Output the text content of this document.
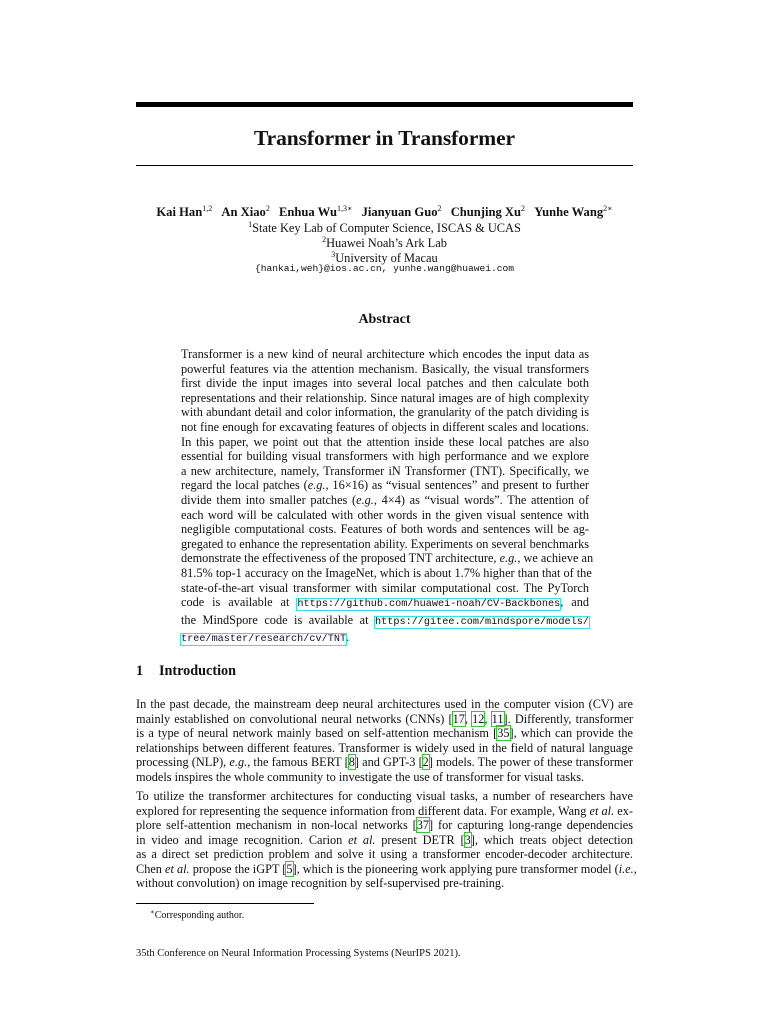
Transformer in Transformer
Kai Han$^{1,2}$ An Xiao$^2$ Enhua $Wu^{1,3∗}$ Jianyuan Guo$^2$ Chunjing Xu$^2$ Yunhe Wang$^{2∗}$
$^1$State Key Lab of Computer Science, ISCAS & UCAS
$^2$Huawei Noah’s Ark Lab
$^3$University of Macau
{hankai,weh}@ios.ac.cn, yunhe.wang@huawei.com
Abstract
Transformer is a new kind of neural architecture which encodes the input data as
powerful features via the attention mechanism. Basically, the visual transformers
first divide the input images into several local patches and then calculate both
representations and their relationship. Since natural images are of high complexity
with abundant detail and color information, the granularity of the patch dividing is
not fine enough for excavating features of objects in different scales and locations.
In this paper, we point out that the attention inside these local patches are also
essential for building visual transformers with high performance and we explore
a new architecture, namely, Transformer iN Transformer (TNT). Specifically, we
regard the local patches (e.g., 16×16) as “visual sentences” and present to further
divide them into smaller patches (e.g., 4×4) as “visual words”. The attention of
each word will be calculated with other words in the given visual sentence with
negligible computational costs. Features of both words and sentences will be ag-
gregated to enhance the representation ability. Experiments on several benchmarks
demonstrate the effectiveness of the proposed TNT architecture, e.g., we achieve an
81.5% top-1 accuracy on the ImageNet, which is about 1.7% higher than that of the
state-of-the-art visual transformer with similar computational cost. The PyTorch
code is available at https://github.com/huawei-noah/CV-Backbones, and
the MindSpore code is available at https://gitee.com/mindspore/models/
tree/master/research/cv/TNT.
1 Introduction
In the past decade, the mainstream deep neural architectures used in the computer vision (CV) are
mainly established on convolutional neural networks (CNNs) [17, 12, 11]. Differently, transformer
is a type of neural network mainly based on self-attention mechanism [35], which can provide the
relationships between different features. Transformer is widely used in the field of natural language
processing (NLP), e.g., the famous BERT [8] and GPT-3 [2] models. The power of these transformer
models inspires the whole community to investigate the use of transformer for visual tasks.
To utilize the transformer architectures for conducting visual tasks, a number of researchers have
explored for representing the sequence information from different data. For example, Wang et al. ex-
plore self-attention mechanism in non-local networks [37] for capturing long-range dependencies
in video and image recognition. Carion et al. present DETR [3], which treats object detection
as a direct set prediction problem and solve it using a transformer encoder-decoder architecture.
Chen et al. propose the iGPT [5], which is the pioneering work applying pure transformer model (i.e.,
without convolution) on image recognition by self-supervised pre-training.
∗Corresponding author.
35th Conference on Neural Information Processing Systems (NeurIPS 2021).
